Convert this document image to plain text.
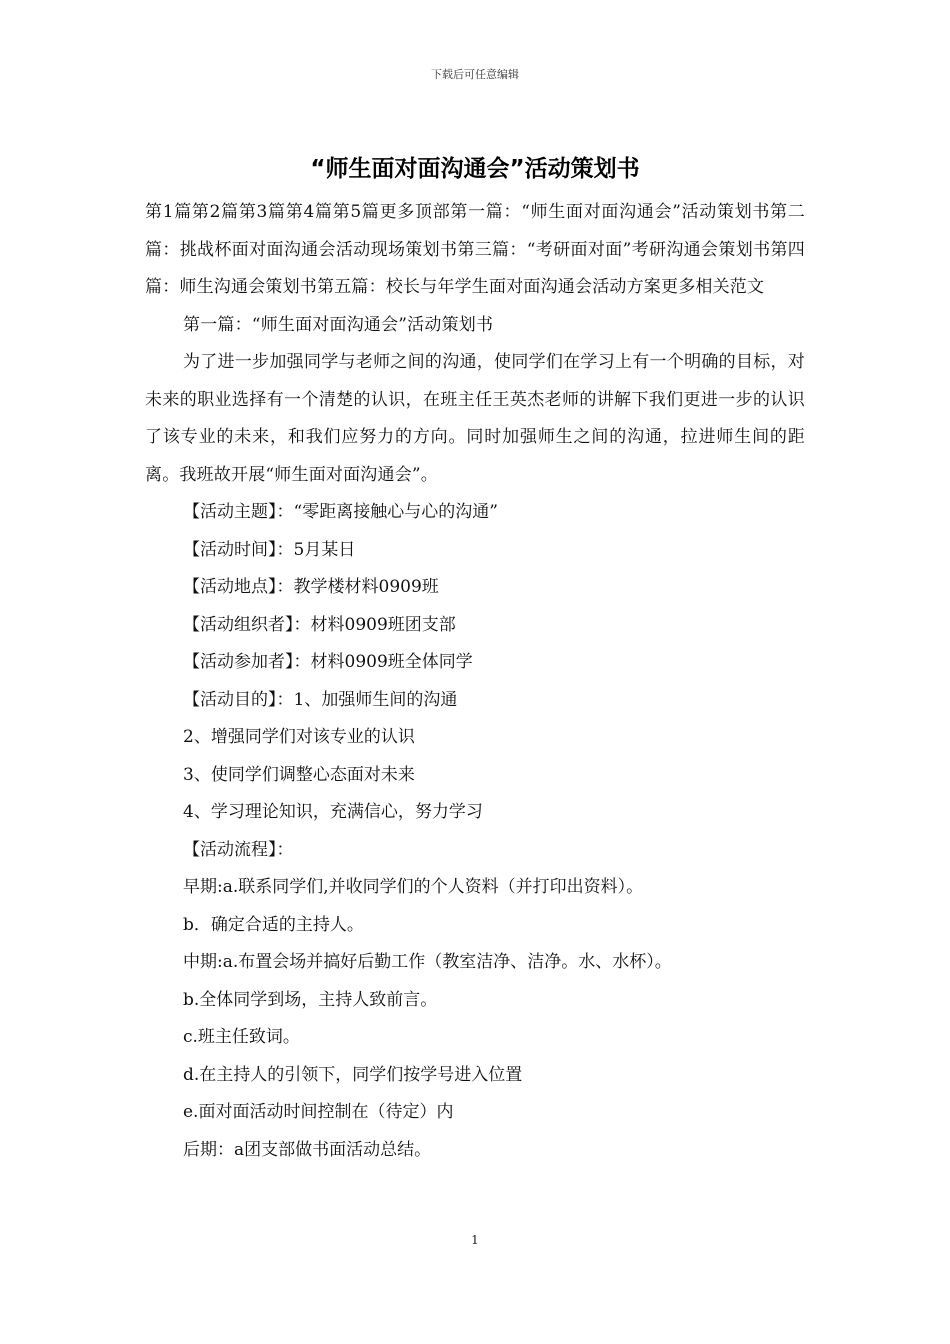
下载后可任意编辑
“师生面对面沟通会”活动策划书

第1篇第2篇第3篇第4篇第5篇更多顶部第一篇：“师生面对面沟通会”活动策划书第二篇：挑战杯面对面沟通会活动现场策划书第三篇：“考研面对面”考研沟通会策划书第四篇：师生沟通会策划书第五篇：校长与年学生面对面沟通会活动方案更多相关范文

第一篇：“师生面对面沟通会”活动策划书

为了进一步加强同学与老师之间的沟通，使同学们在学习上有一个明确的目标，对未来的职业选择有一个清楚的认识，在班主任王英杰老师的讲解下我们更进一步的认识了该专业的未来，和我们应努力的方向。同时加强师生之间的沟通，拉进师生间的距离。我班故开展“师生面对面沟通会”。

【活动主题】：“零距离接触心与心的沟通”

【活动时间】：5月某日

【活动地点】：教学楼材料0909班

【活动组织者】：材料0909班团支部

【活动参加者】：材料0909班全体同学

【活动目的】：1、加强师生间的沟通

2、增强同学们对该专业的认识

3、使同学们调整心态面对未来

4、学习理论知识，充满信心，努力学习

【活动流程】：

早期:a.联系同学们,并收同学们的个人资料（并打印出资料）。

b．确定合适的主持人。

中期:a.布置会场并搞好后勤工作（教室洁净、洁净。水、水杯）。

b.全体同学到场，主持人致前言。

c.班主任致词。

d.在主持人的引领下，同学们按学号进入位置

e.面对面活动时间控制在（待定）内

后期：a团支部做书面活动总结。

1
